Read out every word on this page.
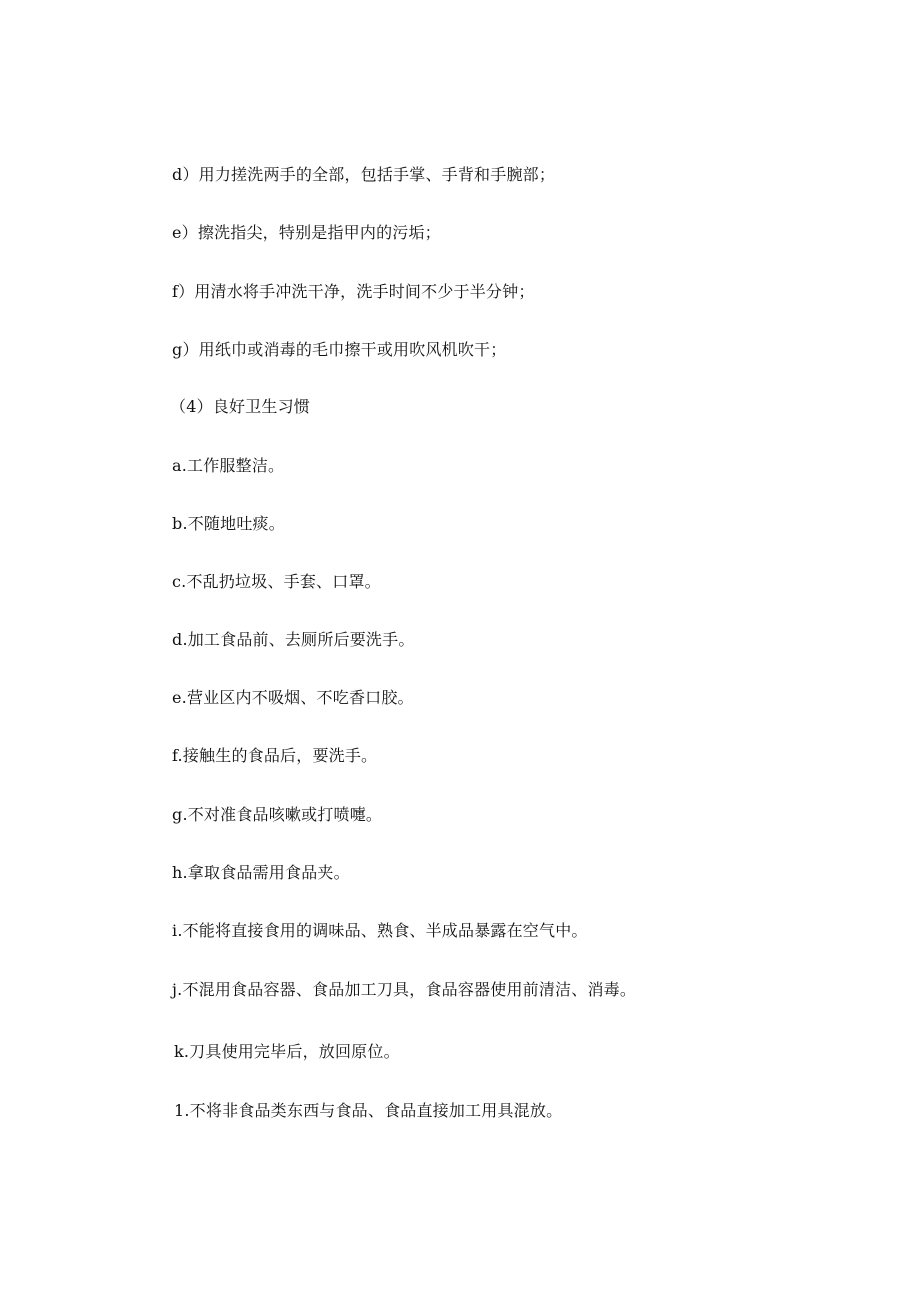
d）用力搓洗两手的全部，包括手掌、手背和手腕部；
e）擦洗指尖，特别是指甲内的污垢；
f）用清水将手冲洗干净，洗手时间不少于半分钟；
g）用纸巾或消毒的毛巾擦干或用吹风机吹干；
（4）良好卫生习惯
a.工作服整洁。
b.不随地吐痰。
c.不乱扔垃圾、手套、口罩。
d.加工食品前、去厕所后要洗手。
e.营业区内不吸烟、不吃香口胶。
f.接触生的食品后，要洗手。
g.不对准食品咳嗽或打喷嚏。
h.拿取食品需用食品夹。
i.不能将直接食用的调味品、熟食、半成品暴露在空气中。
j.不混用食品容器、食品加工刀具，食品容器使用前清洁、消毒。
k.刀具使用完毕后，放回原位。
1.不将非食品类东西与食品、食品直接加工用具混放。
